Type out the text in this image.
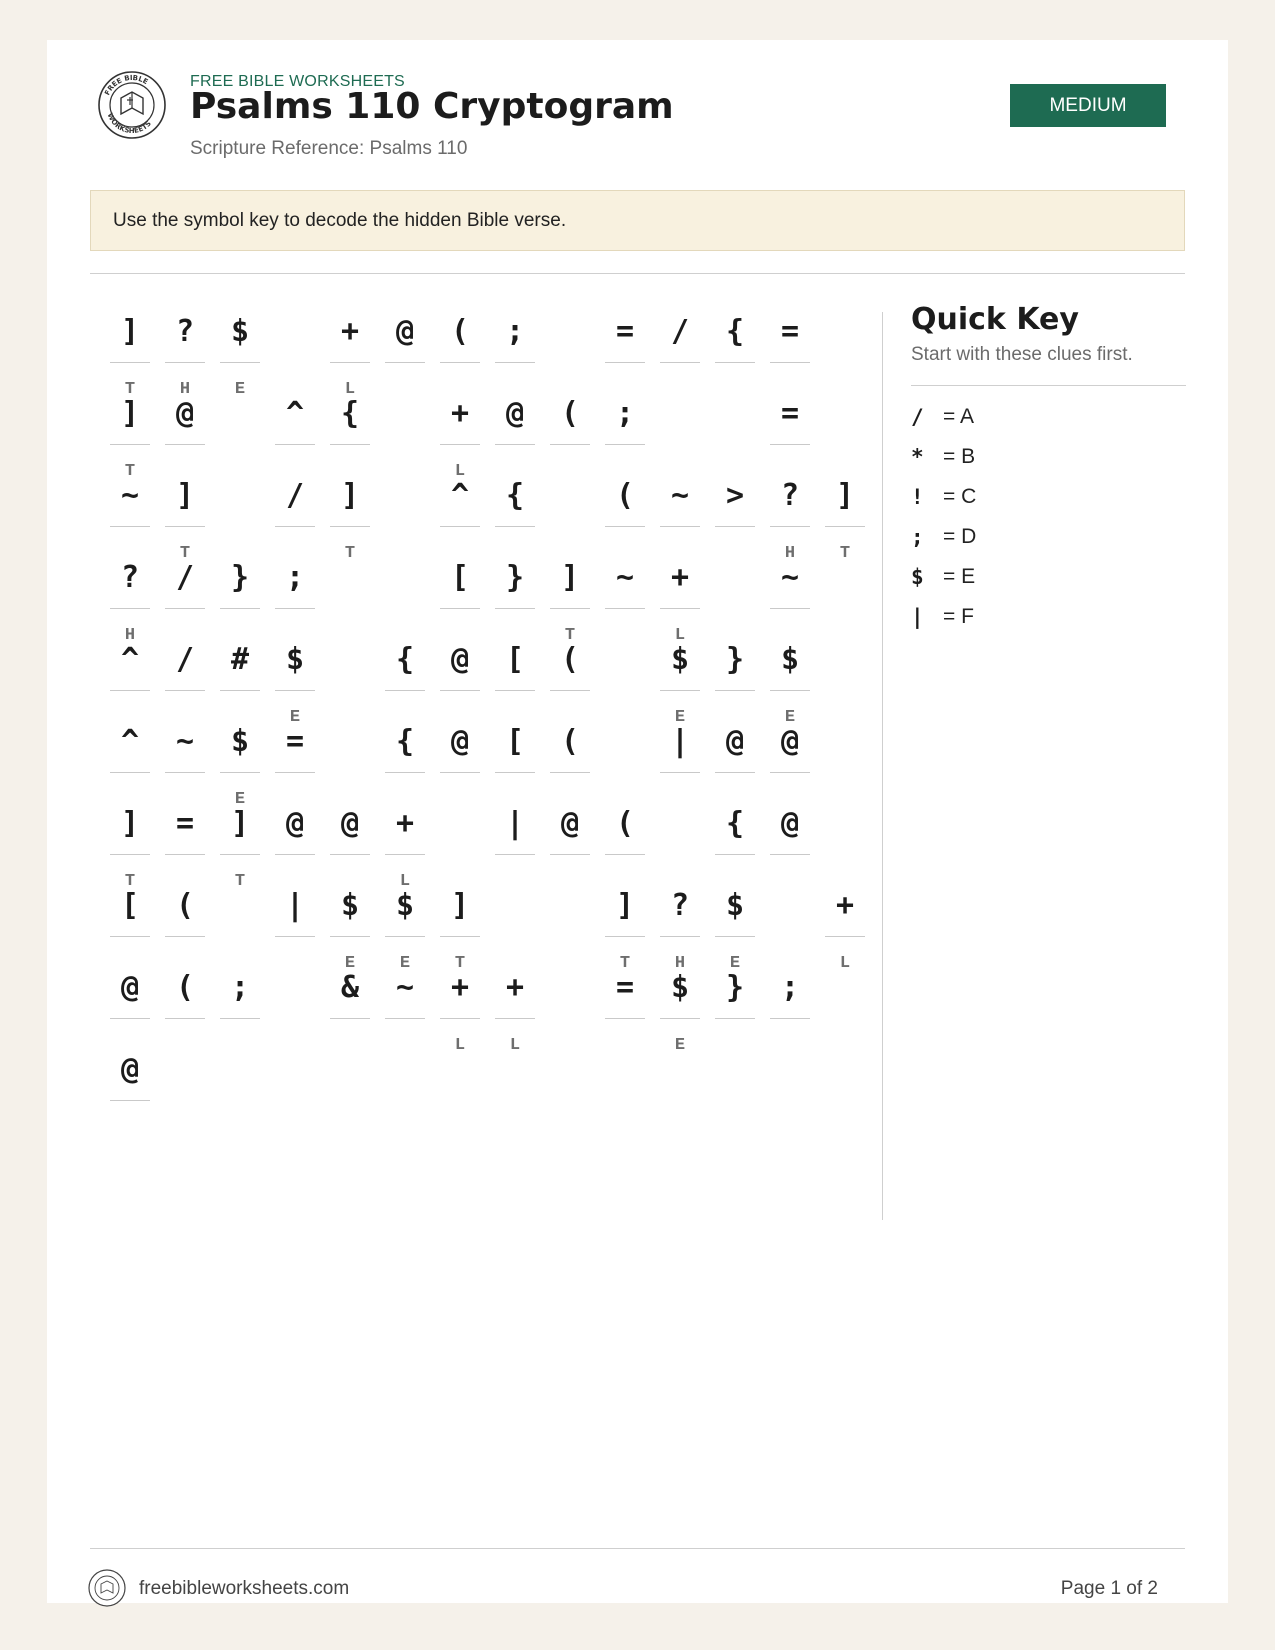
FREE BIBLE
WORKSHEETS
FREE BIBLE WORKSHEETS
Psalms 110 Cryptogram
Scripture Reference: Psalms 110
MEDIUM
Use the symbol key to decode the hidden Bible verse.
]
T
?
H
$
E
+
L
@	(	;	=	/	{	=
]
T
@	^	{	+
L
@	(	;	=
~	]
T
/	]
T
^	{	(	~	>	?
H
]
T
?
H
/	}	;	[	}	]
T
~	+
L
~
^	/	#	$
E
{	@	[	(	$
E
}	$
E
^	~	$
E
=	{	@	[	(	|	@	@
]
T
=	]
T
@	@	+
L
|	@	(	{	@
[	(	|	$
E
$
E
]
T
]
T
?
H
$
E
+
L
@	(	;	&	~	+
L
+
L
=	$
E
}	;
@
Quick Key
Start with these clues first.
/ = A
* = B
! = C
; = D
$ = E
| = F
freebibleworksheets.com	Page 1 of 2
